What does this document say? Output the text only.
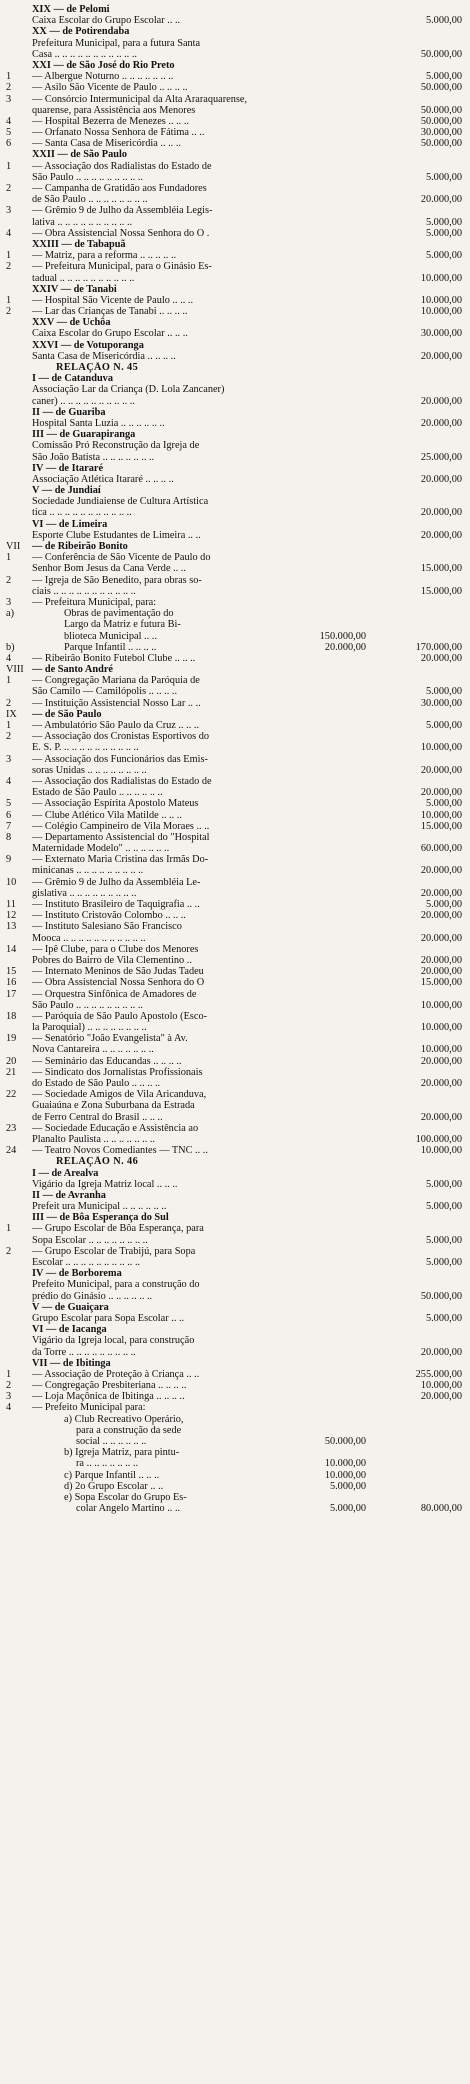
XIX — de Pelomi
Caixa Escolar do Grupo Escolar .. ..	5.000,00
XX — de Potirendaba
Prefeitura Municipal, para a futura Santa
Casa .. .. .. .. .. .. .. .. .. .. ..	50.000,00
XXI — de São José do Rio Preto
1	— Albergue Noturno .. .. .. .. .. .. ..	5.000,00
2	— Asilo São Vicente de Paulo .. .. .. ..	50.000,00
3	— Consórcio Intermunicipal da Alta Araraquarense,
quarense, para Assistência aos Menores	50.000,00
4	— Hospital Bezerra de Menezes .. .. ..	50.000,00
5	— Orfanato Nossa Senhora de Fátima .. ..	30.000,00
6	— Santa Casa de Misericórdia .. .. ..	50.000,00
XXII — de São Paulo
1	— Associação dos Radialistas do Estado de
São Paulo .. .. .. .. .. .. .. .. ..	5.000,00
2	— Campanha de Gratidão aos Fundadores
de São Paulo .. .. .. .. .. .. .. ..	20.000,00
3	— Grêmio 9 de Julho da Assembléia Legis-
lativa .. .. .. .. .. .. .. .. .. ..	5.000,00
4	— Obra Assistencial Nossa Senhora do Ó .	5.000,00
XXIII — de Tabapuã
1	— Matriz, para a reforma .. .. .. .. ..	5.000,00
2	— Prefeitura Municipal, para o Ginásio Es-
tadual .. .. .. .. .. .. .. .. .. ..	10.000,00
XXIV — de Tanabi
1	— Hospital São Vicente de Paulo .. .. ..	10.000,00
2	— Lar das Crianças de Tanabi .. .. .. ..	10.000,00
XXV — de Uchôa
Caixa Escolar do Grupo Escolar .. .. ..	30.000,00
XXVI — de Votuporanga
Santa Casa de Misericórdia .. .. .. ..	20.000,00
RELAÇÃO N. 45
I — de Catanduva
Associação Lar da Criança (D. Lola Zancaner)
caner) .. .. .. .. .. .. .. .. .. ..	20.000,00
II — de Guariba
Hospital Santa Luzia .. .. .. .. .. ..	20.000,00
III — de Guarapiranga
Comissão Pró Reconstrução da Igreja de
São João Batista .. .. .. .. .. .. ..	25.000,00
IV — de Itararé
Associação Atlética Itararé .. .. .. ..	20.000,00
V — de Jundiaí
Sociedade Jundiaiense de Cultura Artística
tica .. .. .. .. .. .. .. .. .. .. ..	20.000,00
VI — de Limeira
Esporte Clube Estudantes de Limeira .. ..	20.000,00
VII	— de Ribeirão Bonito
1	— Conferência de São Vicente de Paulo do
Senhor Bom Jesus da Cana Verde .. ..	15.000,00
2	— Igreja de São Benedito, para obras so-
ciais .. .. .. .. .. .. .. .. .. .. ..	15.000,00
3	— Prefeitura Municipal, para:
a)	Obras de pavimentação do
Largo da Matriz e futura Bi-
blioteca Municipal .. ..	150.000,00
b)	Parque Infantil .. .. .. ..	20.000,00	170.000,00
4	— Ribeirão Bonito Futebol Clube .. .. ..	20.000,00
VIII — de Santo André
1	— Congregação Mariana da Paróquia de
São Camilo — Camilópolis .. .. .. ..	5.000,00
2	— Instituição Assistencial Nosso Lar .. ..	30.000,00
IX	— de São Paulo
1	— Ambulatório São Paulo da Cruz .. .. ..	5.000,00
2	— Associação dos Cronistas Esportivos do
E. S. P. .. .. .. .. .. .. .. .. .. ..	10.000,00
3	— Associação dos Funcionários das Emis-
soras Unidas .. .. .. .. .. .. .. ..	20.000,00
4	— Associação dos Radialistas do Estado de
Estado de São Paulo .. .. .. .. .. ..	20.000,00
5	— Associação Espírita Apostolo Mateus	5.000,00
6	— Clube Atlético Vila Matilde .. .. ..	10.000,00
7	— Colégio Campineiro de Vila Moraes .. ..	15.000,00
8	— Departamento Assistencial do "Hospital
Maternidade Modelo" .. .. .. .. .. ..	60.000,00
9	— Externato Maria Cristina das Irmãs Do-
minicanas .. .. .. .. .. .. .. .. ..	20.000,00
10	— Grêmio 9 de Julho da Assembléia Le-
gislativa .. .. .. .. .. .. .. .. ..	20.000,00
11	— Instituto Brasileiro de Taquigrafia .. ..	5.000,00
12	— Instituto Cristovão Colombo .. .. ..	20.000,00
13	— Instituto Salesiano São Francisco
Mooca .. .. .. .. .. .. .. .. .. .. ..	20.000,00
14	— Ipê Clube, para o Clube dos Menores
Pobres do Bairro de Vila Clementino ..	20.000,00
15	— Internato Meninos de São Judas Tadeu	20.000,00
16	— Obra Assistencial Nossa Senhora do Ó	15.000,00
17	— Orquestra Sinfônica de Amadores de
São Paulo .. .. .. .. .. .. .. .. ..	10.000,00
18	— Paróquia de São Paulo Apostolo (Esco-
la Paroquial) .. .. .. .. .. .. .. ..	10.000,00
19	— Senatório "João Evangelista" à Av.
Nova Cantareira .. .. .. .. .. .. ..	10.000,00
20	— Seminário das Educandas .. .. .. ..	20.000,00
21	— Sindicato dos Jornalistas Profissionais
do Estado de São Paulo .. .. .. ..	20.000,00
22	— Sociedade Amigos de Vila Aricanduva,
Guaiaúna e Zona Suburbana da Estrada
de Ferro Central do Brasil .. .. ..	20.000,00
23	— Sociedade Educação e Assistência ao
Planalto Paulista .. .. .. .. .. .. ..	100.000,00
24	— Teatro Novos Comediantes — TNC .. ..	10.000,00
RELAÇÃO N. 46
I — de Arealva
Vigário da Igreja Matriz local .. .. ..	5.000,00
II — de Avranha
Prefeit ura Municipal .. .. .. .. .. ..	5.000,00
III — de Bôa Esperança do Sul
1	— Grupo Escolar de Bôa Esperança, para
Sopa Escolar .. .. .. .. .. .. .. ..	5.000,00
2	— Grupo Escolar de Trabijú, para Sopa
Escolar .. .. .. .. .. .. .. .. .. ..	5.000,00
IV — de Borborema
Prefeito Municipal, para a construção do
prédio do Ginásio .. .. .. .. .. ..	50.000,00
V — de Guaiçara
Grupo Escolar para Sopa Escolar .. ..	5.000,00
VI — de Iacanga
Vigário da Igreja local, para construção
da Torre .. .. .. .. .. .. .. .. ..	20.000,00
VII — de Ibitinga
1	— Associação de Proteção à Criança .. ..	255.000,00
2	— Congregação Presbiteriana .. .. .. ..	10.000,00
3	— Loja Maçônica de Ibitinga .. .. .. ..	20.000,00
4	— Prefeito Municipal para:
a) Club Recreativo Operário,
para a construção da sede
social .. .. .. .. .. ..	50.000,00
b) Igreja Matriz, para pintu-
ra .. .. .. .. .. .. ..	10.000,00
c) Parque Infantil .. .. ..	10.000,00
d) 2o Grupo Escolar .. ..	5.000,00
e) Sopa Escolar do Grupo Es-
colar Angelo Martino .. ..	5.000,00	80.000,00
